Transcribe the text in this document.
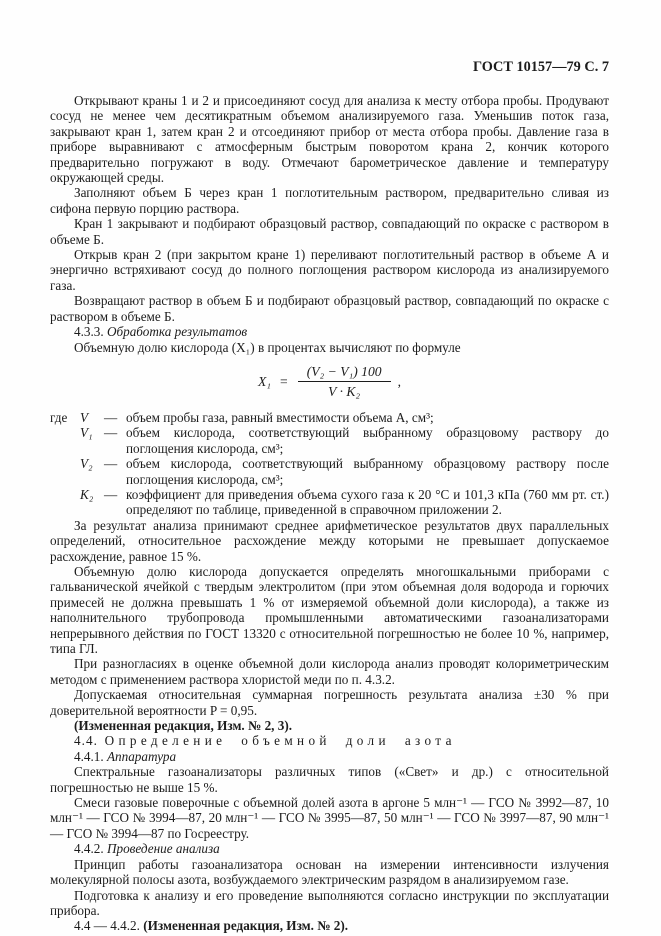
ГОСТ 10157—79 С. 7

Открывают краны 1 и 2 и присоединяют сосуд для анализа к месту отбора пробы. Продувают сосуд не менее чем десятикратным объемом анализируемого газа. Уменьшив поток газа, закрывают кран 1, затем кран 2 и отсоединяют прибор от места отбора пробы. Давление газа в приборе выравнивают с атмосферным быстрым поворотом крана 2, кончик которого предварительно погружают в воду. Отмечают барометрическое давление и температуру окружающей среды.

Заполняют объем Б через кран 1 поглотительным раствором, предварительно сливая из сифона первую порцию раствора.

Кран 1 закрывают и подбирают образцовый раствор, совпадающий по окраске с раствором в объеме Б.

Открыв кран 2 (при закрытом кране 1) переливают поглотительный раствор в объеме А и энергично встряхивают сосуд до полного поглощения раствором кислорода из анализируемого газа.

Возвращают раствор в объем Б и подбирают образцовый раствор, совпадающий по окраске с раствором в объеме Б.

4.3.3. Обработка результатов

Объемную долю кислорода (X₁) в процентах вычисляют по формуле

$X_1 = \frac{\text{(V₂ − V₁) 100}}{\text{V · K₂}}$ ,
где V	— объем пробы газа, равный вместимости объема А, см³;
V₁ — объем кислорода, соответствующий выбранному образцовому раствору до поглощения кислорода, см³;
V₂ — объем кислорода, соответствующий выбранному образцовому раствору после поглощения кислорода, см³;
K₂ — коэффициент для приведения объема сухого газа к 20 °С и 101,3 кПа (760 мм рт. ст.) определяют по таблице, приведенной в справочном приложении 2.

За результат анализа принимают среднее арифметическое результатов двух параллельных определений, относительное расхождение между которыми не превышает допускаемое расхождение, равное 15 %.

Объемную долю кислорода допускается определять многошкальными приборами с гальванической ячейкой с твердым электролитом (при этом объемная доля водорода и горючих примесей не должна превышать 1 % от измеряемой объемной доли кислорода), а также из наполнительного трубопровода промышленными автоматическими газоанализаторами непрерывного действия по ГОСТ 13320 с относительной погрешностью не более 10 %, например, типа ГЛ.

При разногласиях в оценке объемной доли кислорода анализ проводят колориметрическим методом с применением раствора хлористой меди по п. 4.3.2.

Допускаемая относительная суммарная погрешность результата анализа ±30 % при доверительной вероятности P = 0,95.

(Измененная редакция, Изм. № 2, 3).

4.4. Определение объемной доли азота

4.4.1. Аппаратура

Спектральные газоанализаторы различных типов («Свет» и др.) с относительной погрешностью не выше 15 %.

Смеси газовые поверочные с объемной долей азота в аргоне 5 млн⁻¹ — ГСО № 3992—87, 10 млн⁻¹ — ГСО № 3994—87, 20 млн⁻¹ — ГСО № 3995—87, 50 млн⁻¹ — ГСО № 3997—87, 90 млн⁻¹ — ГСО № 3994—87 по Госреестру.

4.4.2. Проведение анализа

Принцип работы газоанализатора основан на измерении интенсивности излучения молекулярной полосы азота, возбуждаемого электрическим разрядом в анализируемом газе.

Подготовка к анализу и его проведение выполняются согласно инструкции по эксплуатации прибора.

4.4 — 4.4.2. (Измененная редакция, Изм. № 2).
